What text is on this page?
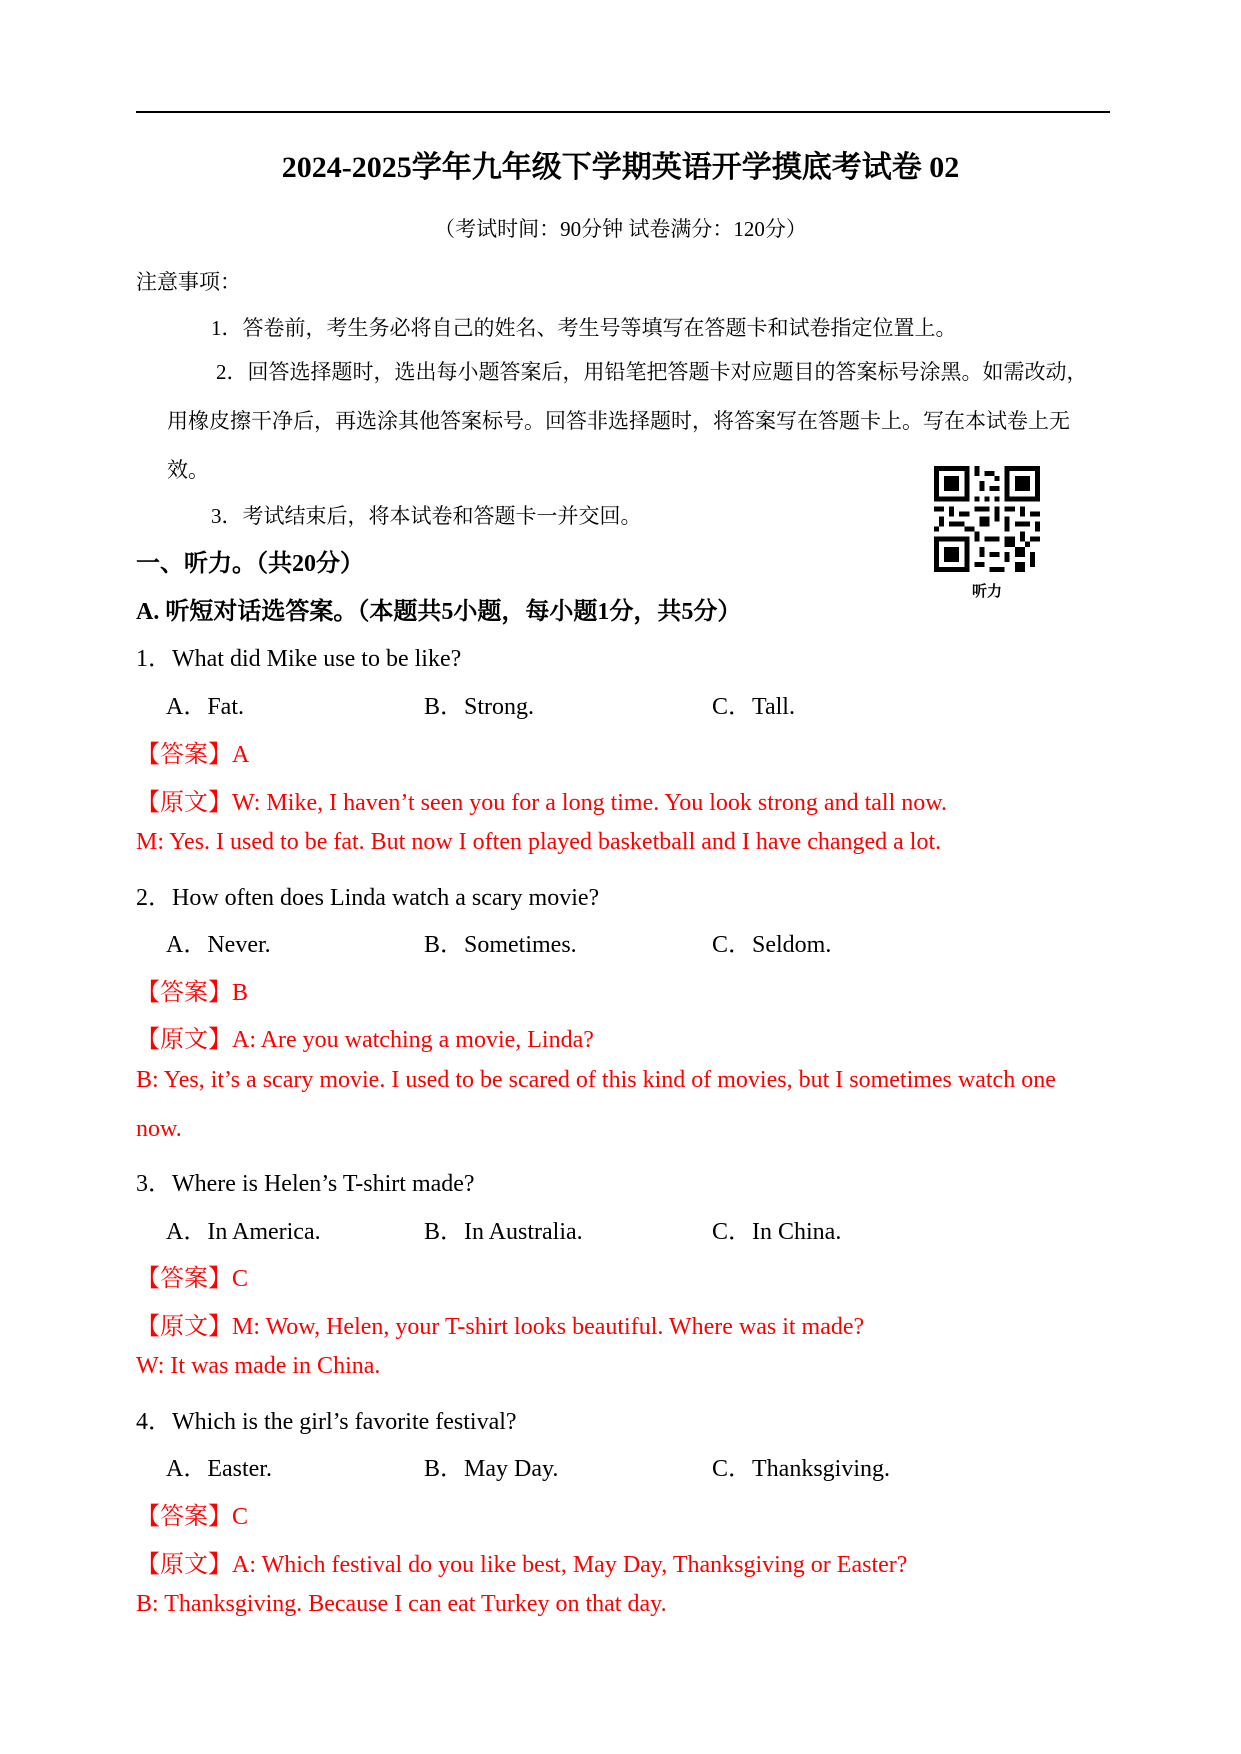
2024-2025学年九年级下学期英语开学摸底考试卷 02
（考试时间：90分钟 试卷满分：120分）
注意事项：
1．答卷前，考生务必将自己的姓名、考生号等填写在答题卡和试卷指定位置上。
2．回答选择题时，选出每小题答案后，用铅笔把答题卡对应题目的答案标号涂黑。如需改动，
用橡皮擦干净后，再选涂其他答案标号。回答非选择题时，将答案写在答题卡上。写在本试卷上无
效。
3．考试结束后，将本试卷和答题卡一并交回。
听力
一、听力。（共20分）
A. 听短对话选答案。（本题共5小题，每小题1分，共5分）
1．What did Mike use to be like?
A．Fat.	B．Strong.	C．Tall.
【答案】A
【原文】W: Mike, I haven’t seen you for a long time. You look strong and tall now.
M: Yes. I used to be fat. But now I often played basketball and I have changed a lot.
2．How often does Linda watch a scary movie?
A．Never.	B．Sometimes.	C．Seldom.
【答案】B
【原文】A: Are you watching a movie, Linda?
B: Yes, it’s a scary movie. I used to be scared of this kind of movies, but I sometimes watch one
now.
3．Where is Helen’s T-shirt made?
A．In America.	B．In Australia.	C．In China.
【答案】C
【原文】M: Wow, Helen, your T-shirt looks beautiful. Where was it made?
W: It was made in China.
4．Which is the girl’s favorite festival?
A．Easter.	B．May Day.	C．Thanksgiving.
【答案】C
【原文】A: Which festival do you like best, May Day, Thanksgiving or Easter?
B: Thanksgiving. Because I can eat Turkey on that day.
